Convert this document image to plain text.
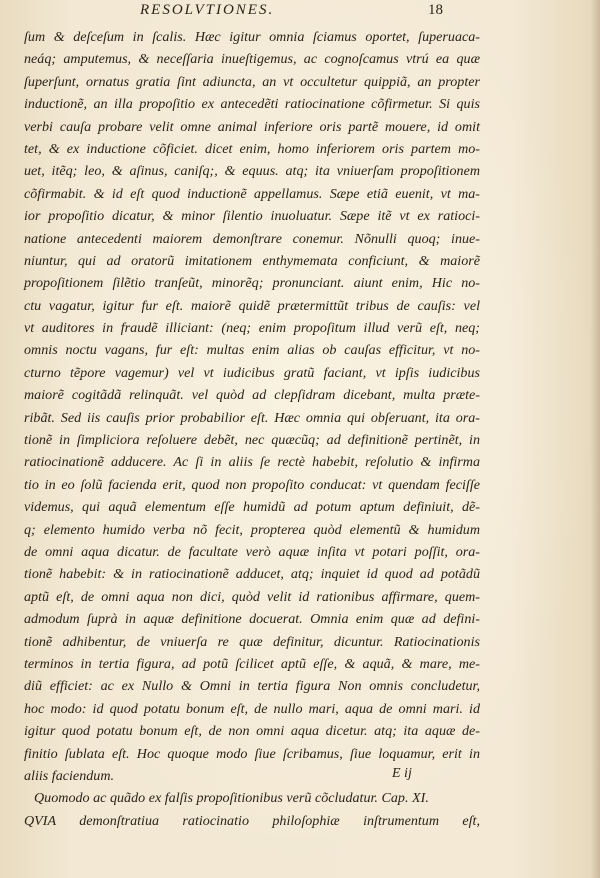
RESOLVTIONES.	18
ſum & deſceſum in ſcalis. Hæc igitur omnia ſciamus oportet, ſuperuaca-
neáq; amputemus, & neceſſaria inueſtigemus, ac cognoſcamus vtrú ea quæ
ſuperſunt, ornatus gratia ſint adiuncta, an vt occultetur quippiã, an propter
inductionẽ, an illa propoſitio ex antecedẽti ratiocinatione cõfirmetur. Si quis
verbi cauſa probare velit omne animal inferiore oris partẽ mouere, id omit
tet, & ex inductione cõficiet. dicet enim, homo inferiorem oris partem mo-
uet, itẽq; leo, & aſinus, caniſq;, & equus. atq; ita vniuerſam propoſitionem
cõfirmabit. & id eſt quod inductionẽ appellamus. Sæpe etiã euenit, vt ma-
ior propoſitio dicatur, & minor ſilentio inuoluatur. Sæpe itẽ vt ex ratioci-
natione antecedenti maiorem demonſtrare conemur. Nõnulli quoq; inue-
niuntur, qui ad oratorũ imitationem enthymemata conficiunt, & maiorẽ
propoſitionem ſilẽtio tranſeũt, minorẽq; pronunciant. aiunt enim, Hic no-
ctu vagatur, igitur fur eſt. maiorẽ quidẽ prætermittũt tribus de cauſis: vel
vt auditores in fraudẽ illiciant: (neq; enim propoſitum illud verũ eſt, neq;
omnis noctu vagans, fur eſt: multas enim alias ob cauſas efficitur, vt no-
cturno tẽpore vagemur) vel vt iudicibus gratũ faciant, vt ipſis iudicibus
maiorẽ cogitãdã relinquãt. vel quòd ad clepſidram dicebant, multa præte-
ribãt. Sed iis cauſis prior probabilior eſt. Hæc omnia qui obſeruant, ita ora-
tionẽ in ſimpliciora reſoluere debẽt, nec quæcũq; ad definitionẽ pertinẽt, in
ratiocinationẽ adducere. Ac ſi in aliis ſe rectè habebit, reſolutio & infirma
tio in eo ſolũ facienda erit, quod non propoſito conducat: vt quendam feciſſe
videmus, qui aquã elementum eſſe humidũ ad potum aptum definiuit, dẽ-
q; elemento humido verba nõ fecit, propterea quòd elementũ & humidum
de omni aqua dicatur. de facultate verò aquæ inſita vt potari poſſit, ora-
tionẽ habebit: & in ratiocinationẽ adducet, atq; inquiet id quod ad potãdũ
aptũ eſt, de omni aqua non dici, quòd velit id rationibus affirmare, quem-
admodum ſuprà in aquæ definitione docuerat. Omnia enim quæ ad defini-
tionẽ adhibentur, de vniuerſa re quæ definitur, dicuntur. Ratiocinationis
terminos in tertia figura, ad potũ ſcilicet aptũ eſſe, & aquã, & mare, me-
diũ efficiet: ac ex Nullo & Omni in tertia figura Non omnis concludetur,
hoc modo: id quod potatu bonum eſt, de nullo mari, aqua de omni mari. id
igitur quod potatu bonum eſt, de non omni aqua dicetur. atq; ita aquæ de-
finitio ſublata eſt. Hoc quoque modo ſiue ſcribamus, ſiue loquamur, erit in
aliis faciendum.
Quomodo ac quãdo ex falſis propoſitionibus verũ cõcludatur. Cap. XI.
QVIA demonſtratiua ratiocinatio philoſophiæ inſtrumentum eſt,
E ij
